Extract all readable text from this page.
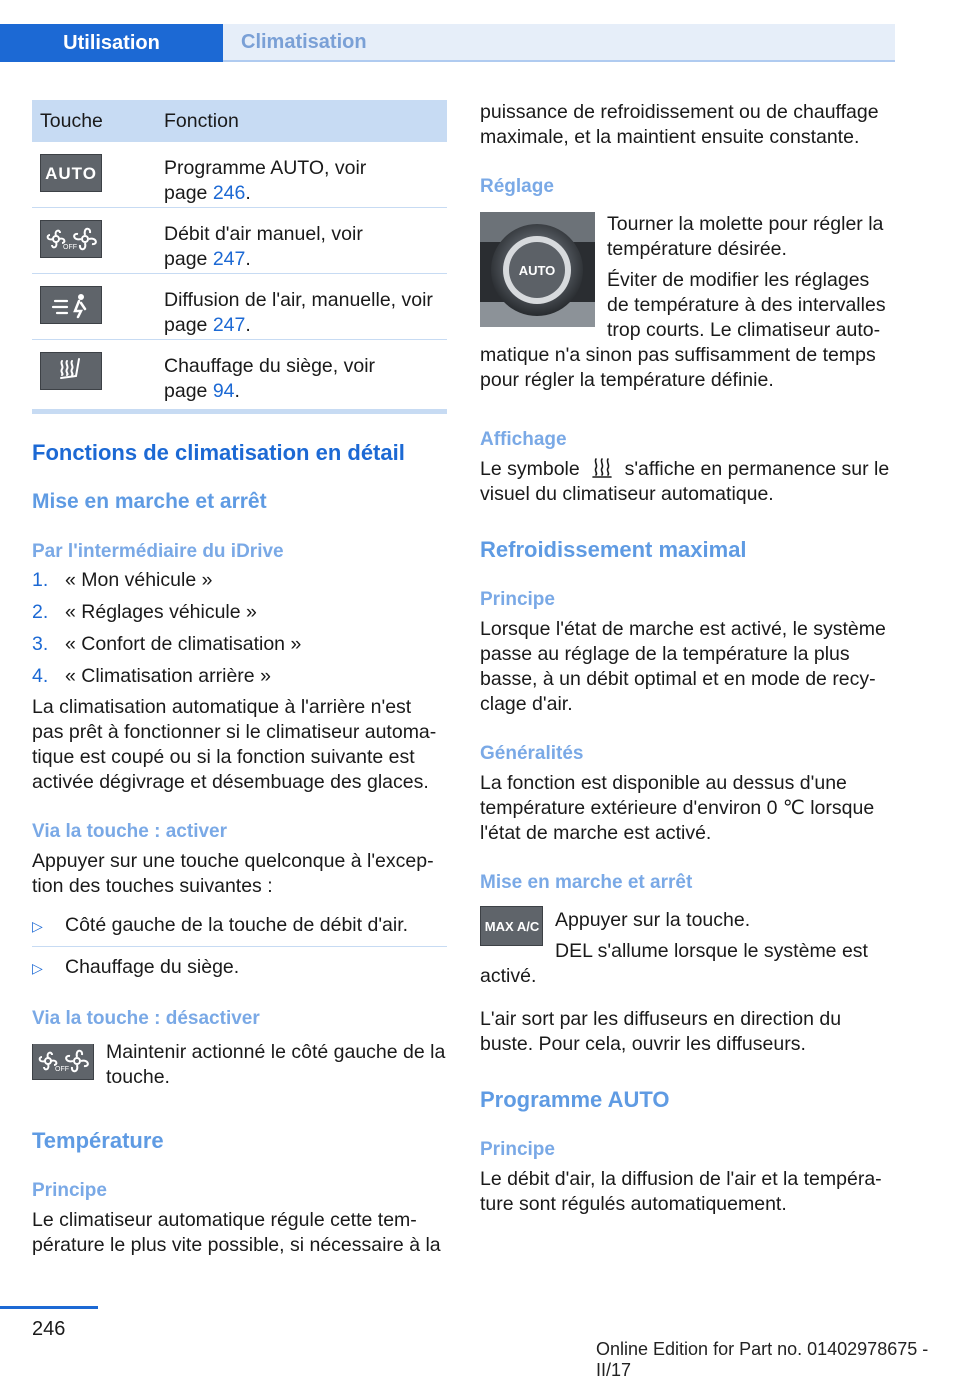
Utilisation	Climatisation
Touche	Fonction

AUTO	Programme AUTO, voir
page 246.

OFF	Débit d'air manuel, voir
page 247.

	Diffusion de l'air, manuelle, voir
page 247.

	Chauffage du siège, voir
page 94.
Fonctions de climatisation en détail
Mise en marche et arrêt
Par l'intermédiaire du iDrive
1. « Mon véhicule »
2. « Réglages véhicule »
3. « Confort de climatisation »
4. « Climatisation arrière »

La climatisation automatique à l'arrière n'est pas prêt à fonctionner si le climatiseur automa-tique est coupé ou si la fonction suivante est activée dégivrage et désembuage des glaces.

Via la touche : activer

Appuyer sur une touche quelconque à l'excep-tion des touches suivantes :

▷ Côté gauche de la touche de débit d'air.
▷ Chauffage du siège.
Via la touche : désactiver
OFF

Maintenir actionné le côté gauche de la touche.

Température
Principe

Le climatiseur automatique régule cette tem-pérature le plus vite possible, si nécessaire à la

puissance de refroidissement ou de chauffage maximale, et la maintient ensuite constante.

Réglage
AUTO

Tourner la molette pour régler la température désirée.

Éviter de modifier les réglages de température à des intervalles trop courts. Le climatiseur auto-matique n'a sinon pas suffisamment de temps pour régler la température définie.

Affichage

Le symbole s'affiche en permanence sur le visuel du climatiseur automatique.

Refroidissement maximal
Principe

Lorsque l'état de marche est activé, le système passe au réglage de la température la plus basse, à un débit optimal et en mode de recy-clage d'air.

Généralités

La fonction est disponible au dessus d'une température extérieure d'environ 0 ℃ lorsque l'état de marche est activé.

Mise en marche et arrêt
MAX A/C Appuyer sur la touche.

DEL s'allume lorsque le système est activé.

L'air sort par les diffuseurs en direction du buste. Pour cela, ouvrir les diffuseurs.

Programme AUTO
Principe

Le débit d'air, la diffusion de l'air et la tempéra-ture sont régulés automatiquement.

246
Online Edition for Part no. 01402978675 - II/17
